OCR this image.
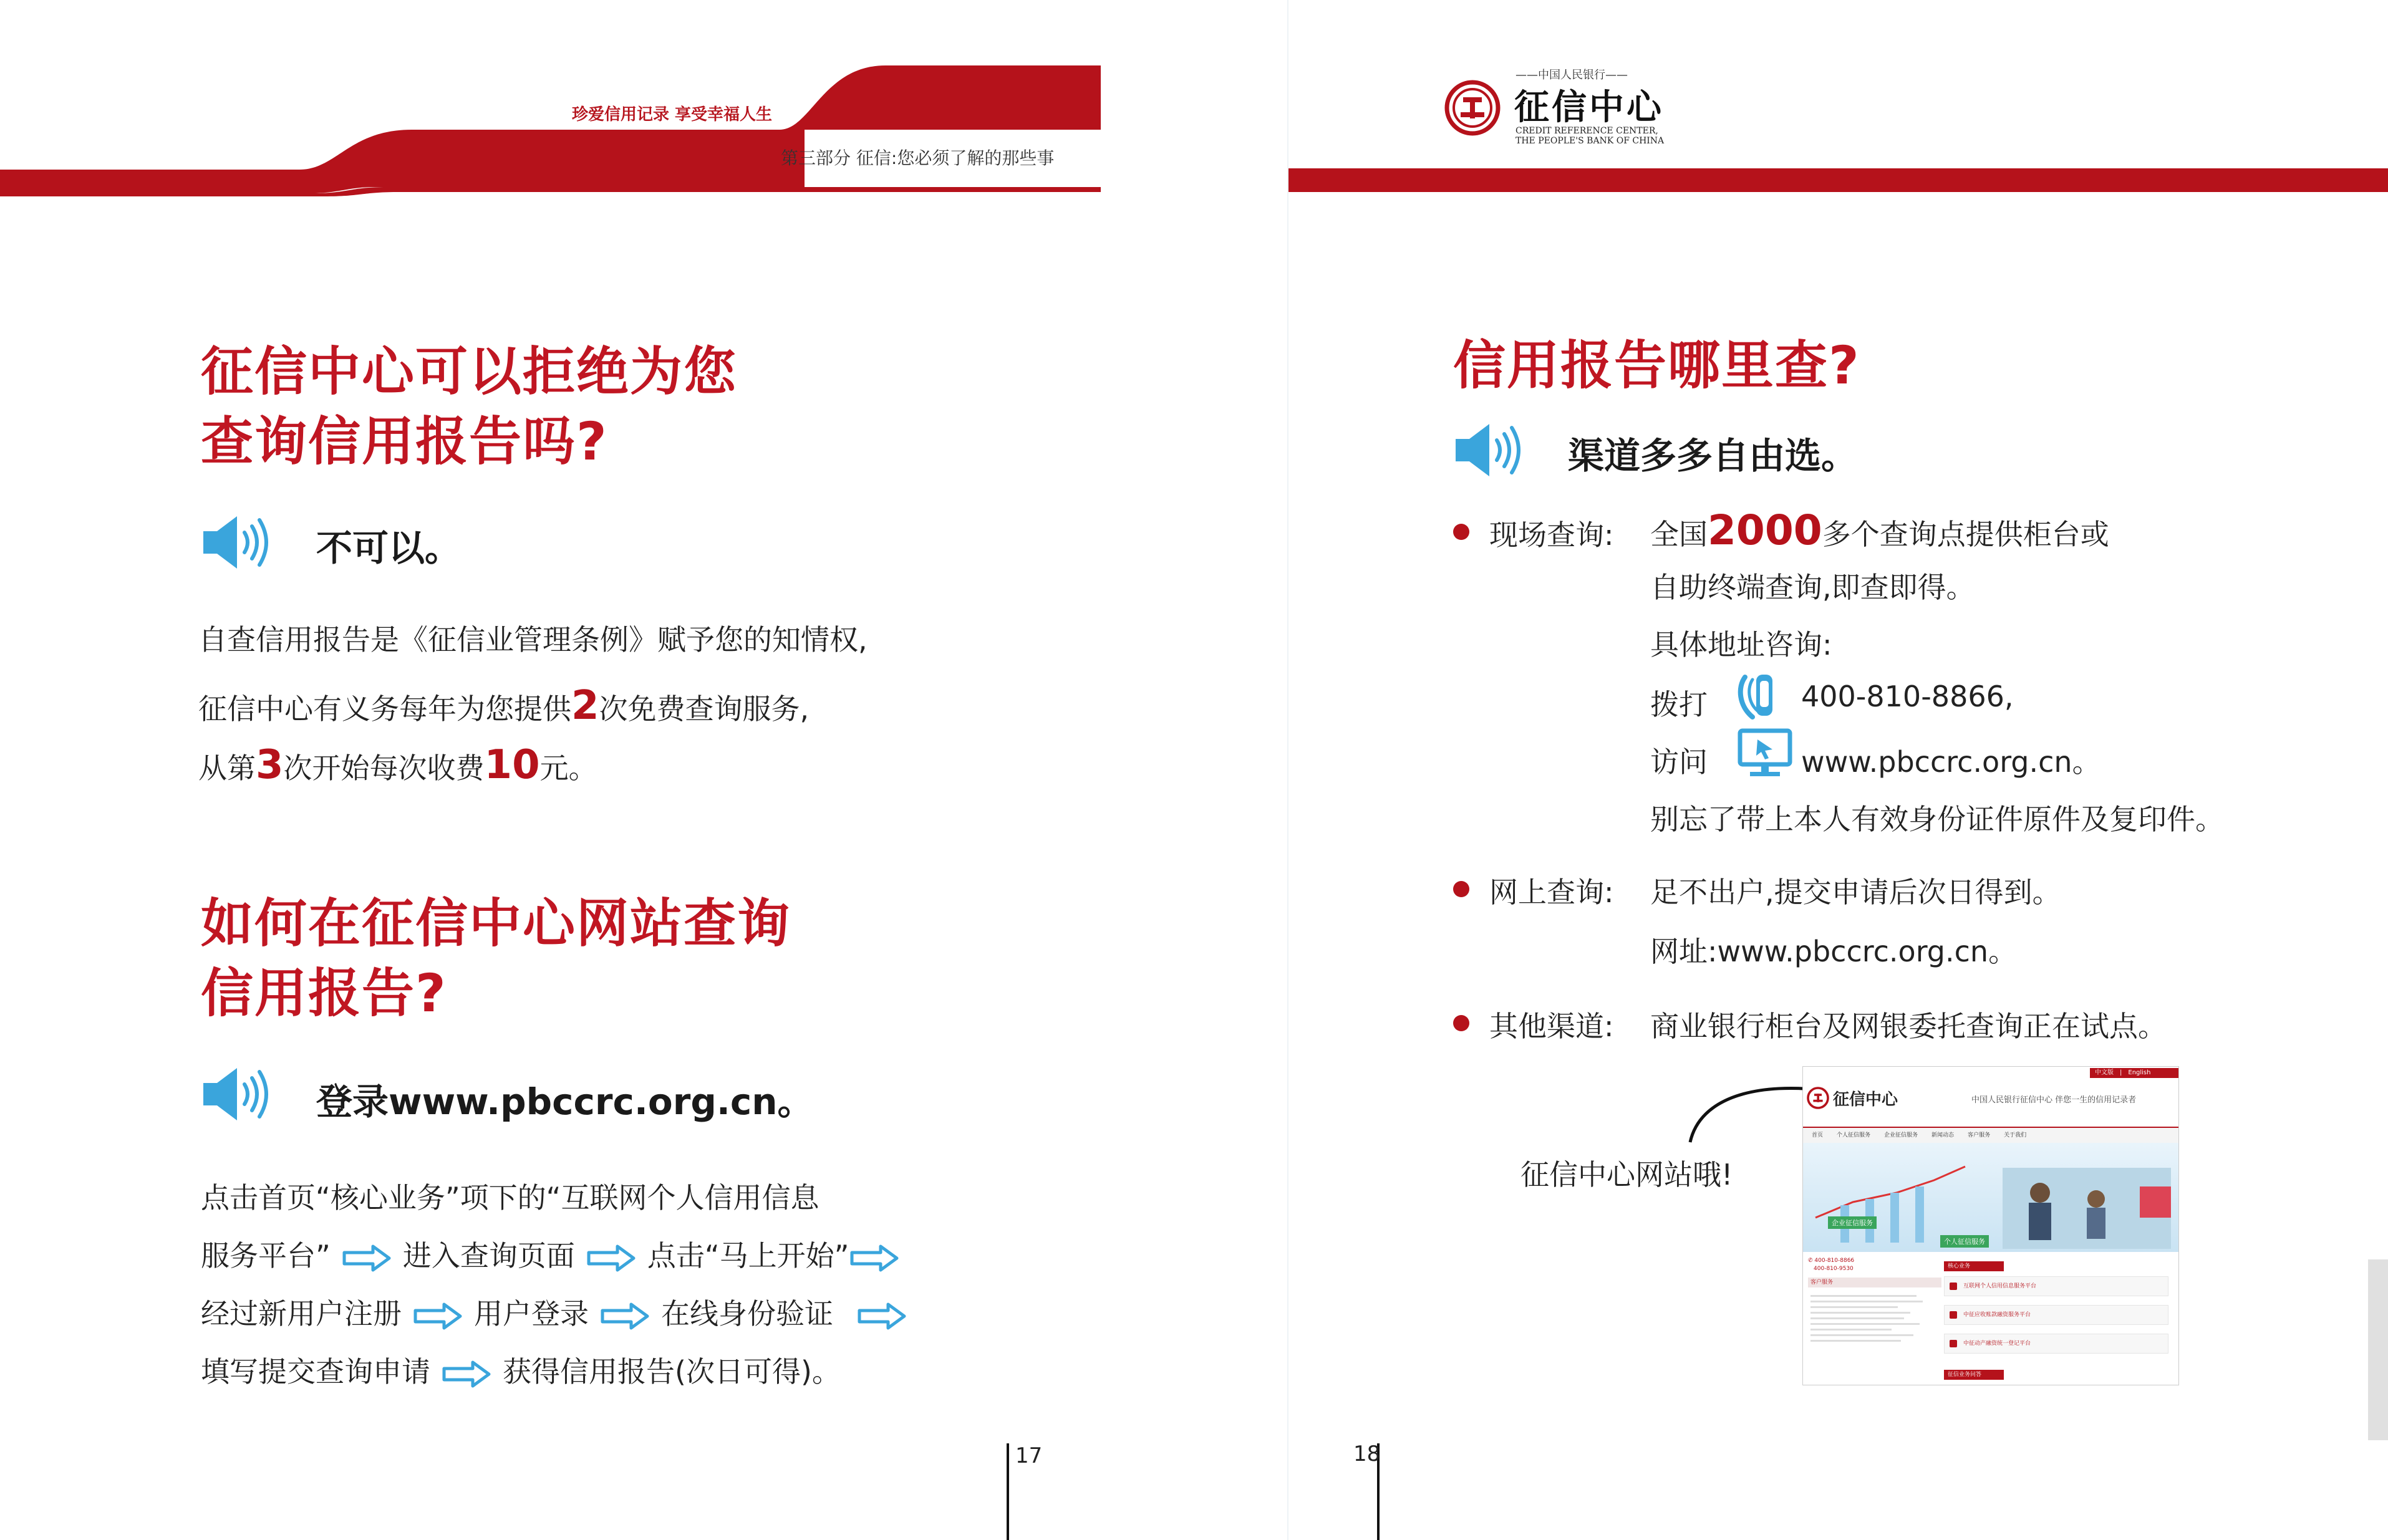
珍爱信用记录 享受幸福人生
第三部分 征信:您必须了解的那些事
征信中心可以拒绝为您
查询信用报告吗?
不可以。
自查信用报告是《征信业管理条例》赋予您的知情权,
征信中心有义务每年为您提供2次免费查询服务,
从第3次开始每次收费10元。
如何在征信中心网站查询
信用报告?
登录www.pbccrc.org.cn。
点击首页“核心业务”项下的“互联网个人信用信息
服务平台”	进入查询页面	点击“马上开始”
经过新用户注册	用户登录	在线身份验证
填写提交查询申请	获得信用报告(次日可得)。
17
——中国人民银行——
征信中心
CREDIT REFERENCE CENTER,
THE PEOPLE'S BANK OF CHINA
信用报告哪里查?
渠道多多自由选。
现场查询: 全国2000多个查询点提供柜台或
自助终端查询,即查即得。
具体地址咨询:
拨打	400-810-8866,
访问	www.pbccrc.org.cn。
别忘了带上本人有效身份证件原件及复印件。
网上查询: 足不出户,提交申请后次日得到。
网址:www.pbccrc.org.cn。
其他渠道: 商业银行柜台及网银委托查询正在试点。
征信中心网站哦!
中文版　|　English
征信中心	中国人民银行征信中心 伴您一生的信用记录者
首页 个人征信服务 企业征信服务 新闻动态 客户服务 关于我们
企业征信服务
个人征信服务
✆ 400-810-8866
　400-810-9530
客户服务
核心业务
互联网个人信用信息服务平台
中征应收账款融资服务平台
中征动产融资统一登记平台
征信业务问答
18
